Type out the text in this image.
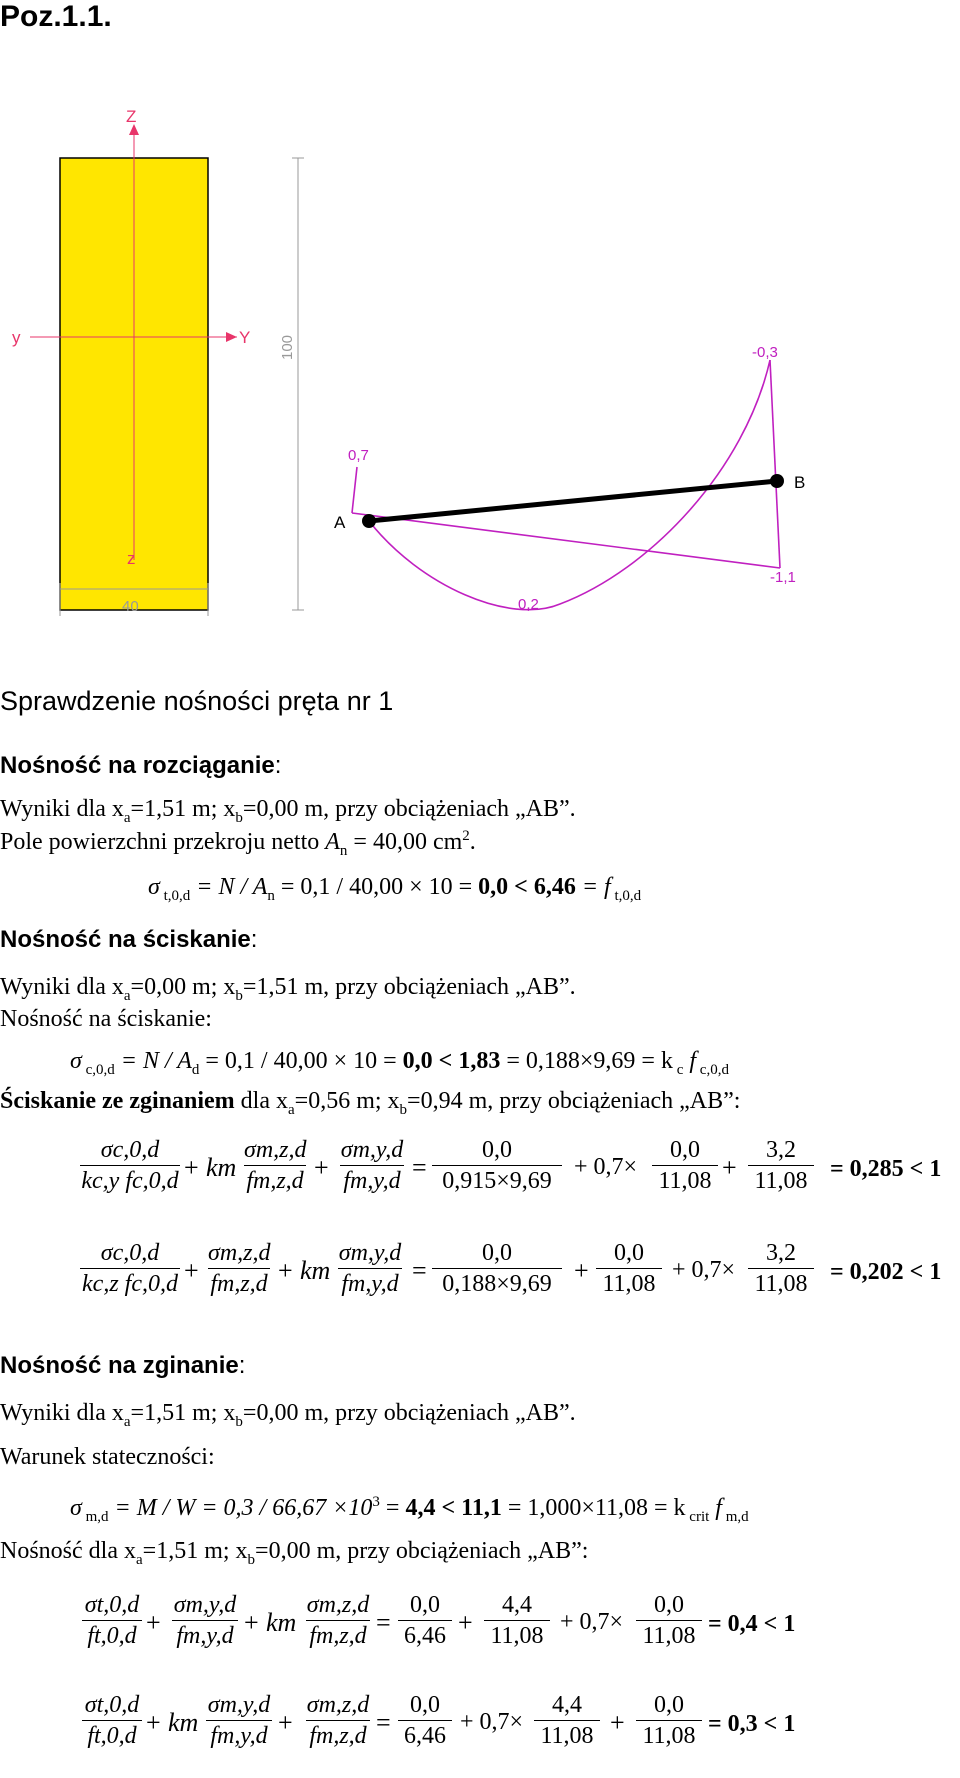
Poz.1.1.
Z
z
y	Y 100
40
A
B
-0,3
0,7
-1,1
0,2
Sprawdzenie nośności pręta nr 1
Nośność na rozciąganie:
Wyniki dla $x_a=1,51$ m; $x_b=0,00$ m, przy obciążeniach „AB”.
Pole powierzchni przekroju netto $A_n = 40,00$ $cm^2$.
σ $_{t,0,d} = N / A_n = 0,1 / 40,00 \times 10 = 0,0 < 6,46 = f$ $_{t,0,d}$
Nośność na ściskanie:
Wyniki dla $x_a=0,00$ m; $x_b=1,51$ m, przy obciążeniach „AB”.
Nośność na ściskanie:
σ $_{c,0,d} = N / A_d = 0,1 / 40,00 \times 10 = 0,0 < 1,83 = 0,188\times 9,69 = k$ $_c$ f $_{c,0,d}$
Ściskanie ze zginaniem dla $x_a=0,56$ m; $x_b=0,94$ m, przy obciążeniach „AB”:
σc,0,d
kc,y fc,0,d + km
σm,z,d
fm,z,d +
σm,y,d
fm,y,d =
0,0
0,915×9,69
+ 0,7×
0,0
11,08 +
3,2
11,08 = 0,285 < 1
σc,0,d
kc,z fc,0,d +
σm,z,d
fm,z,d + km
σm,y,d
fm,y,d =
0,0
0,188×9,69 +
0,0
11,08
+ 0,7×
3,2
11,08 = 0,202 < 1
Nośność na zginanie:
Wyniki dla $x_a=1,51$ m; $x_b=0,00$ m, przy obciążeniach „AB”.
Warunek stateczności:
σ $_{m,d} = M / W = 0,3 / 66,67 \times 10^3 = 4,4 < 11,1 = 1,000\times 11,08 = k$ $_{crit}$ f $_{m,d}$
Nośność dla $x_a=1,51$ m; $x_b=0,00$ m, przy obciążeniach „AB”:
σt,0,d
ft,0,d +
σm,y,d
fm,y,d + km
σm,z,d
fm,z,d =
0,0
6,46 +
4,4
11,08
+ 0,7×
0,0
11,08 = 0,4 < 1
σt,0,d
ft,0,d + km
σm,y,d
fm,y,d +
σm,z,d
fm,z,d =
0,0
6,46
+ 0,7×
4,4
11,08 +
0,0
11,08 = 0,3 < 1
